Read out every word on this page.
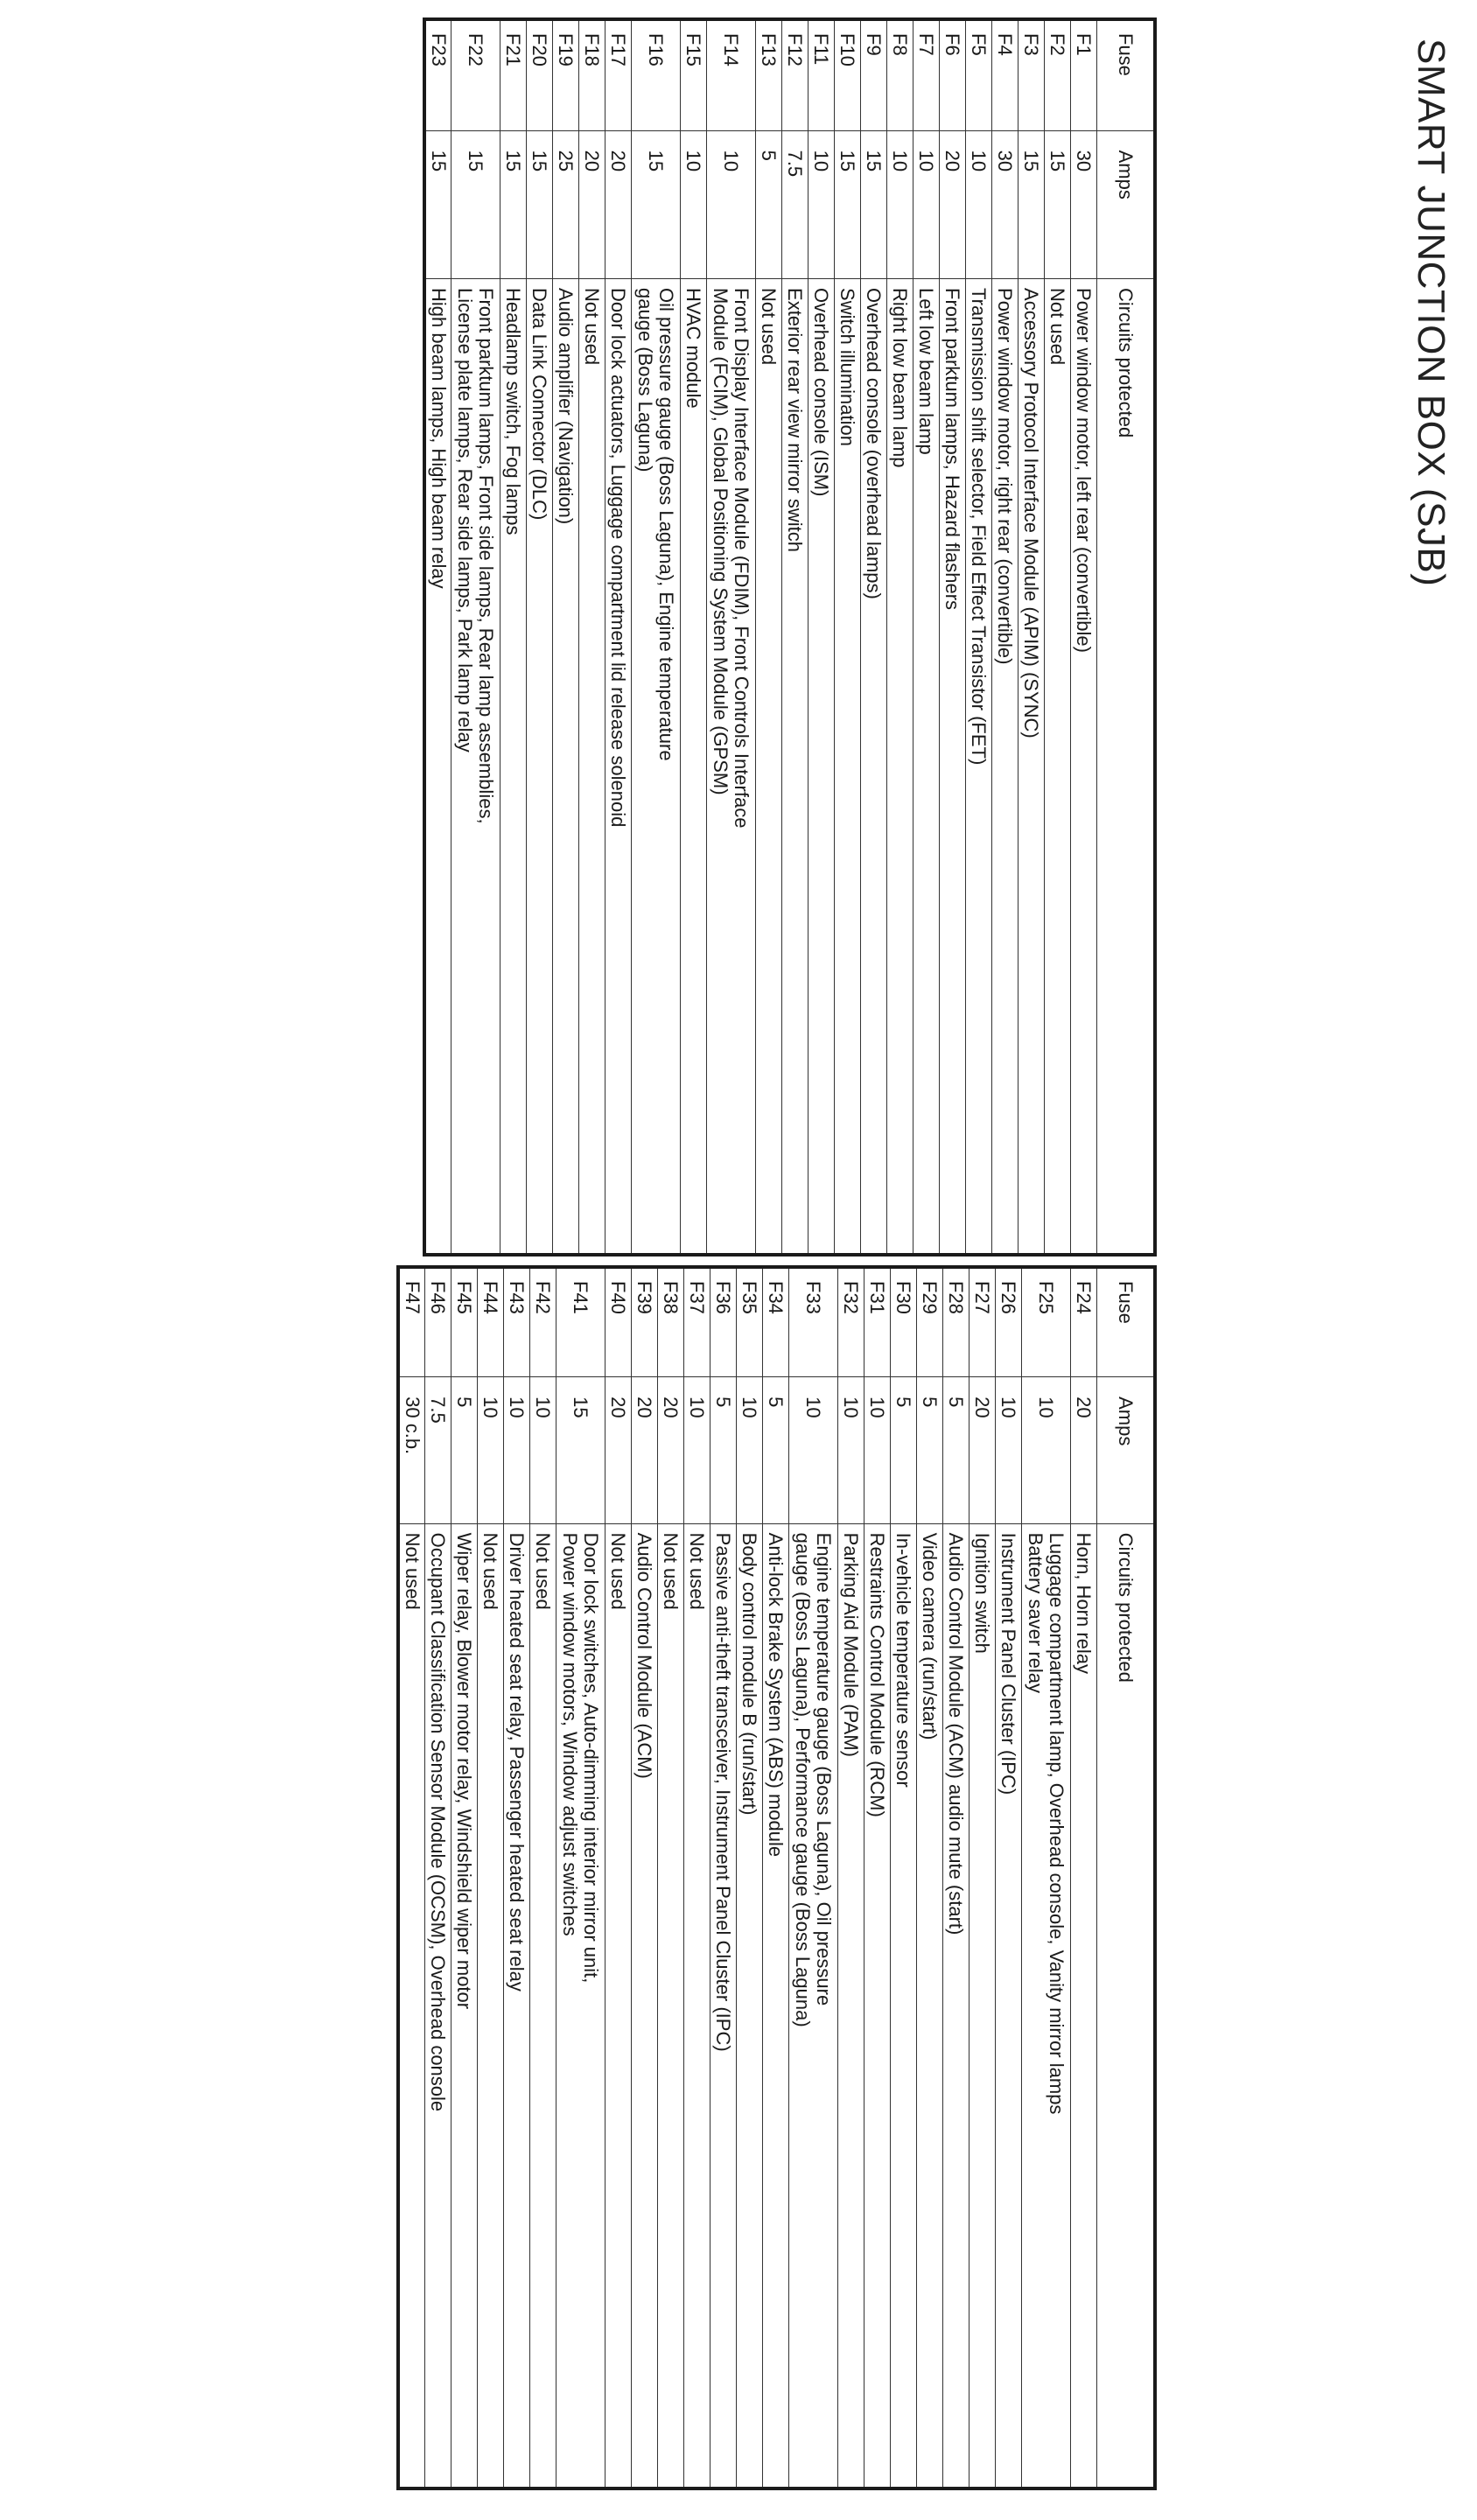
SMART JUNCTION BOX (SJB)
Fuse	Amps	Circuits protected
F1	30	Power window motor, left rear (convertible)
F2	15	Not used
F3	15	Accessory Protocol Interface Module (APIM) (SYNC)
F4	30	Power window motor, right rear (convertible)
F5	10	Transmission shift selector, Field Effect Transistor (FET)
F6	20	Front parktum lamps, Hazard flashers
F7	10	Left low beam lamp
F8	10	Right low beam lamp
F9	15	Overhead console (overhead lamps)
F10	15	Switch illumination
F11	10	Overhead console (ISM)
F12	7.5	Exterior rear view mirror switch
F13	5	Not used
F14	10	Front Display Interface Module (FDIM), Front Controls Interface
Module (FCIM), Global Positioning System Module (GPSM)
F15	10	HVAC module
F16	15	Oil pressure gauge (Boss Laguna), Engine temperature
gauge (Boss Laguna)
F17	20	Door lock actuators, Luggage compartment lid release solenoid
F18	20	Not used
F19	25	Audio amplifier (Navigation)
F20	15	Data Link Connector (DLC)
F21	15	Headlamp switch, Fog lamps
F22	15	Front parktum lamps, Front side lamps, Rear lamp assemblies,
License plate lamps, Rear side lamps, Park lamp relay
F23	15	High beam lamps, High beam relay
Fuse	Amps	Circuits protected
F24	20	Horn, Horn relay
F25	10	Luggage compartment lamp, Overhead console, Vanity mirror lamps
Battery saver relay
F26	10	Instrument Panel Cluster (IPC)
F27	20	Ignition switch
F28	5	Audio Control Module (ACM) audio mute (start)
F29	5	Video camera (run/start)
F30	5	In-vehicle temperature sensor
F31	10	Restraints Control Module (RCM)
F32	10	Parking Aid Module (PAM)
F33	10	Engine temperature gauge (Boss Laguna), Oil pressure
gauge (Boss Laguna), Performance gauge (Boss Laguna)
F34	5	Anti-lock Brake System (ABS) module
F35	10	Body control module B (run/start)
F36	5	Passive anti-theft transceiver, Instrument Panel Cluster (IPC)
F37	10	Not used
F38	20	Not used
F39	20	Audio Control Module (ACM)
F40	20	Not used
F41	15	Door lock switches, Auto-dimming interior mirror unit,
Power window motors, Window adjust switches
F42	10	Not used
F43	10	Driver heated seat relay, Passenger heated seat relay
F44	10	Not used
F45	5	Wiper relay, Blower motor relay, Windshield wiper motor
F46	7.5	Occupant Classification Sensor Module (OCSM), Overhead console
F47	30 c.b.	Not used
